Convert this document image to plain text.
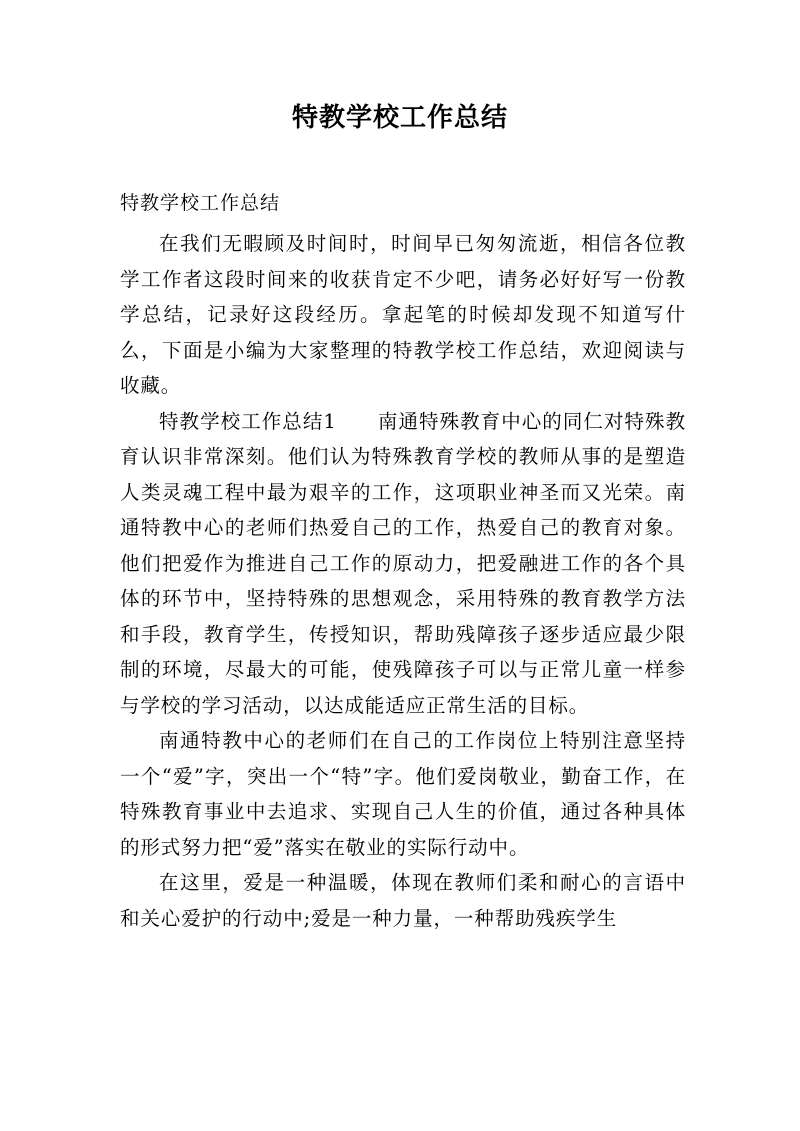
特教学校工作总结
特教学校工作总结

在我们无暇顾及时间时，时间早已匆匆流逝，相信各位教学工作者这段时间来的收获肯定不少吧，请务必好好写一份教学总结，记录好这段经历。拿起笔的时候却发现不知道写什么，下面是小编为大家整理的特教学校工作总结，欢迎阅读与收藏。

特教学校工作总结1　　南通特殊教育中心的同仁对特殊教育认识非常深刻。他们认为特殊教育学校的教师从事的是塑造人类灵魂工程中最为艰辛的工作，这项职业神圣而又光荣。南通特教中心的老师们热爱自己的工作，热爱自己的教育对象。他们把爱作为推进自己工作的原动力，把爱融进工作的各个具体的环节中，坚持特殊的思想观念，采用特殊的教育教学方法和手段，教育学生，传授知识，帮助残障孩子逐步适应最少限制的环境，尽最大的可能，使残障孩子可以与正常儿童一样参与学校的学习活动，以达成能适应正常生活的目标。

南通特教中心的老师们在自己的工作岗位上特别注意坚持一个“爱”字，突出一个“特”字。他们爱岗敬业，勤奋工作，在特殊教育事业中去追求、实现自己人生的价值，通过各种具体的形式努力把“爱”落实在敬业的实际行动中。

在这里，爱是一种温暖，体现在教师们柔和耐心的言语中和关心爱护的行动中;爱是一种力量，一种帮助残疾学生
